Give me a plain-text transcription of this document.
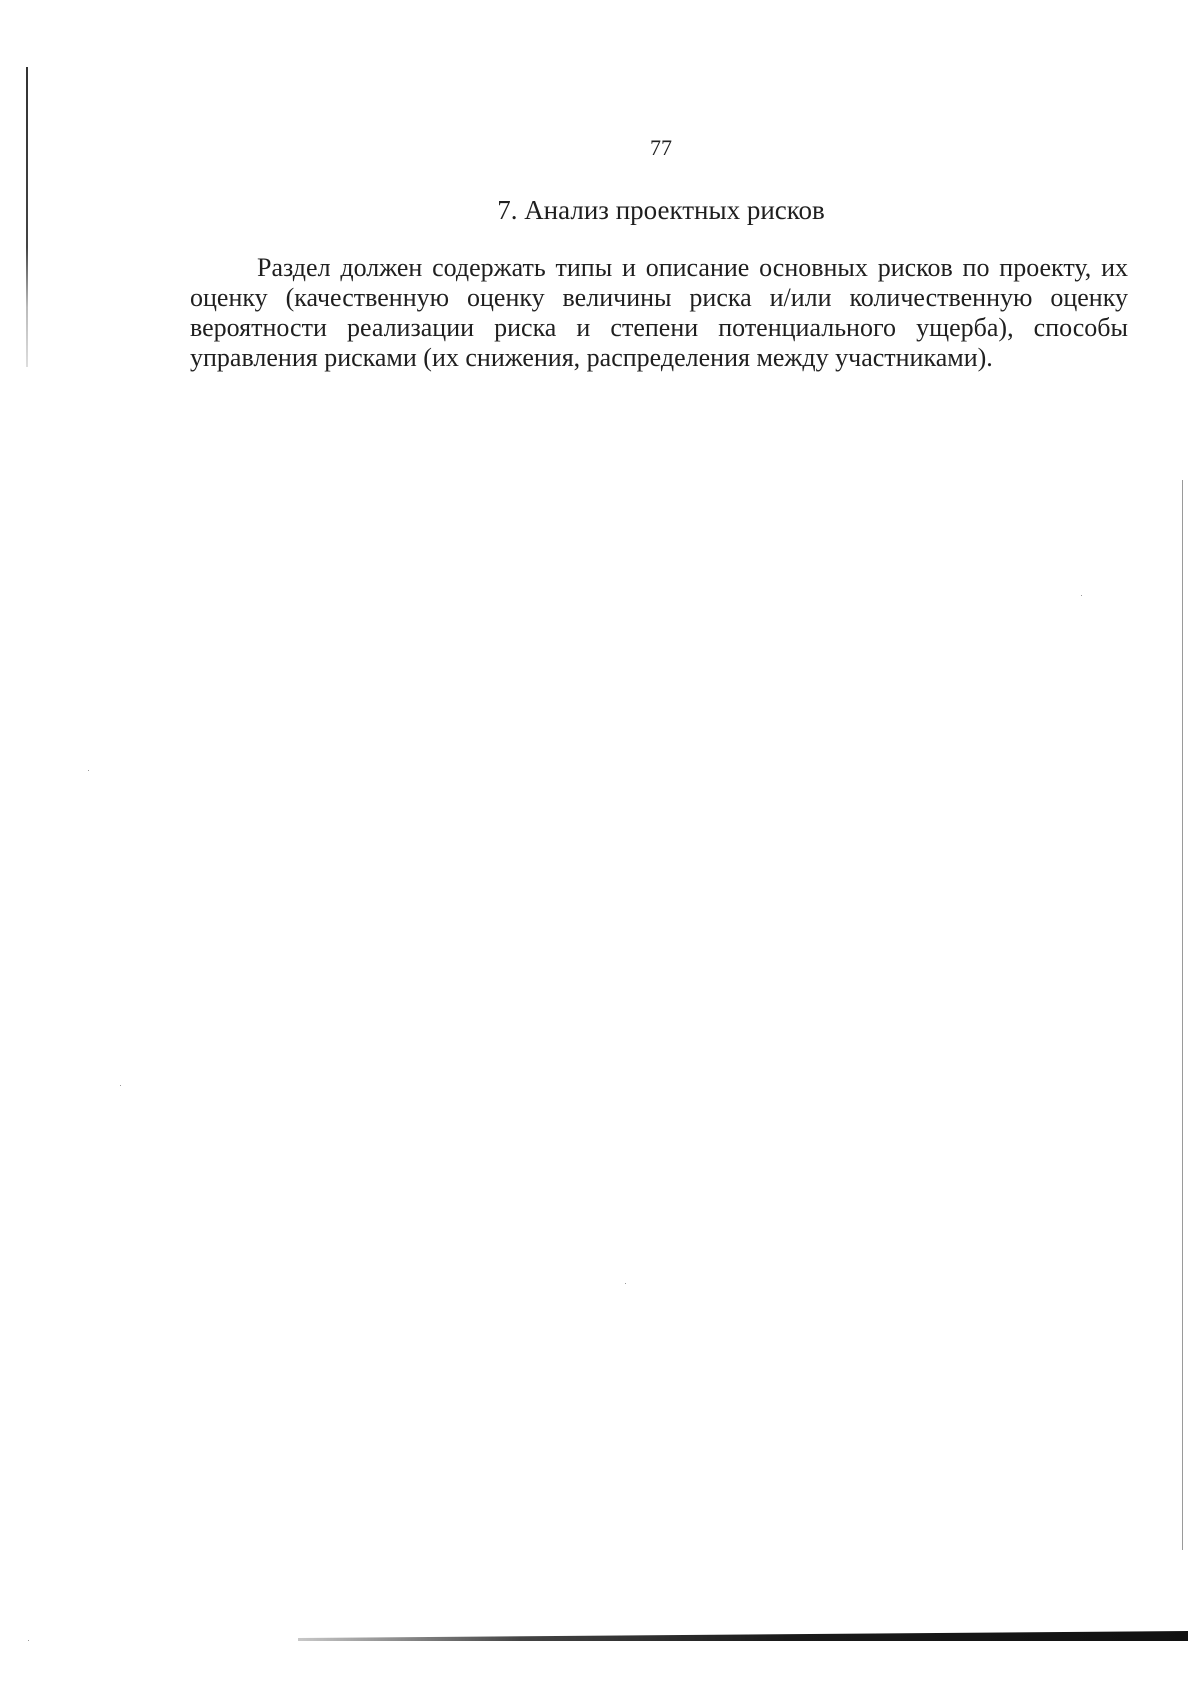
77
7. Анализ проектных рисков

Раздел должен содержать типы и описание основных рисков по проекту, их оценку (качественную оценку величины риска и/или количественную оценку вероятности реализации риска и степени потенциального ущерба), способы управления рисками (их снижения, распределения между участниками).
